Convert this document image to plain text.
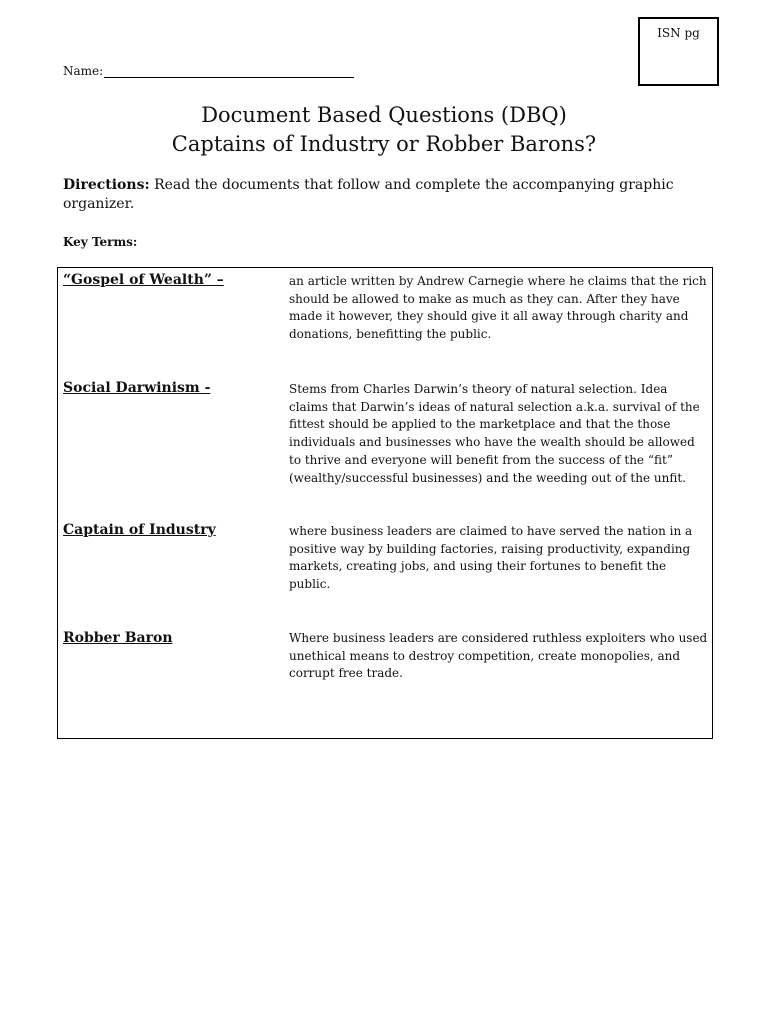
ISN pg
Name:
Document Based Questions (DBQ)
Captains of Industry or Robber Barons?
Directions: Read the documents that follow and complete the accompanying graphic organizer.
Key Terms:
“Gospel of Wealth” –	an article written by Andrew Carnegie where he claims that the rich should be allowed to make as much as they can. After they have made it however, they should give it all away through charity and donations, benefitting the public.
Social Darwinism -	Stems from Charles Darwin’s theory of natural selection. Idea claims that Darwin’s ideas of natural selection a.k.a. survival of the fittest should be applied to the marketplace and that the those individuals and businesses who have the wealth should be allowed to thrive and everyone will benefit from the success of the “fit” (wealthy/successful businesses) and the weeding out of the unfit.
Captain of Industry	where business leaders are claimed to have served the nation in a positive way by building factories, raising productivity, expanding markets, creating jobs, and using their fortunes to benefit the public.
Robber Baron	Where business leaders are considered ruthless exploiters who used unethical means to destroy competition, create monopolies, and corrupt free trade.
